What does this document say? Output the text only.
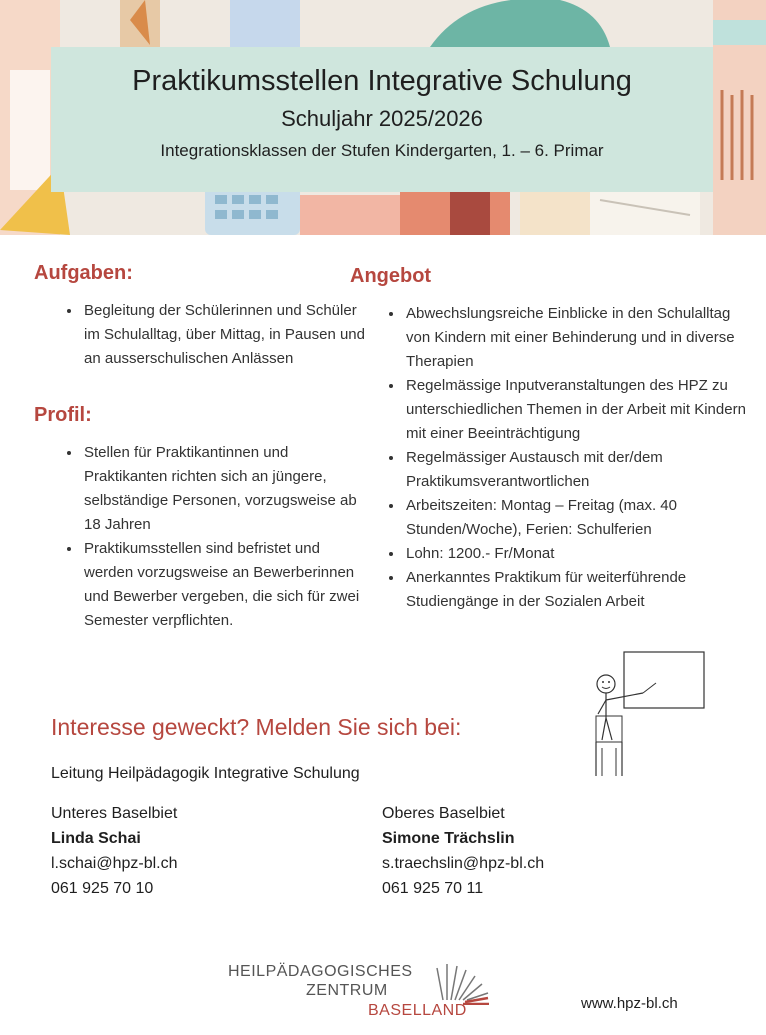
Praktikumsstellen Integrative Schulung
Schuljahr 2025/2026
Integrationsklassen der Stufen Kindergarten, 1. – 6. Primar
Aufgaben:
• Begleitung der Schülerinnen und Schüler im Schulalltag, über Mittag, in Pausen und an ausserschulischen Anlässen
Profil:
• Stellen für Praktikantinnen und Praktikanten richten sich an jüngere, selbständige Personen, vorzugsweise ab 18 Jahren
• Praktikumsstellen sind befristet und werden vorzugsweise an Bewerberinnen und Bewerber vergeben, die sich für zwei Semester verpflichten.
Angebot
• Abwechslungsreiche Einblicke in den Schulalltag von Kindern mit einer Behinderung und in diverse Therapien
• Regelmässige Inputveranstaltungen des HPZ zu unterschiedlichen Themen in der Arbeit mit Kindern mit einer Beeinträchtigung
• Regelmässiger Austausch mit der/dem Praktikumsverantwortlichen
• Arbeitszeiten: Montag – Freitag (max. 40 Stunden/Woche), Ferien: Schulferien
• Lohn: 1200.- Fr/Monat
• Anerkanntes Praktikum für weiterführende Studiengänge in der Sozialen Arbeit
Interesse geweckt? Melden Sie sich bei:
Leitung Heilpädagogik Integrative Schulung
Unteres Baselbiet
Linda Schai
l.schai@hpz-bl.ch
061 925 70 10
Oberes Baselbiet
Simone Trächslin
s.traechslin@hpz-bl.ch
061 925 70 11
HEILPÄDAGOGISCHES
ZENTRUM
BASELLAND	www.hpz-bl.ch
